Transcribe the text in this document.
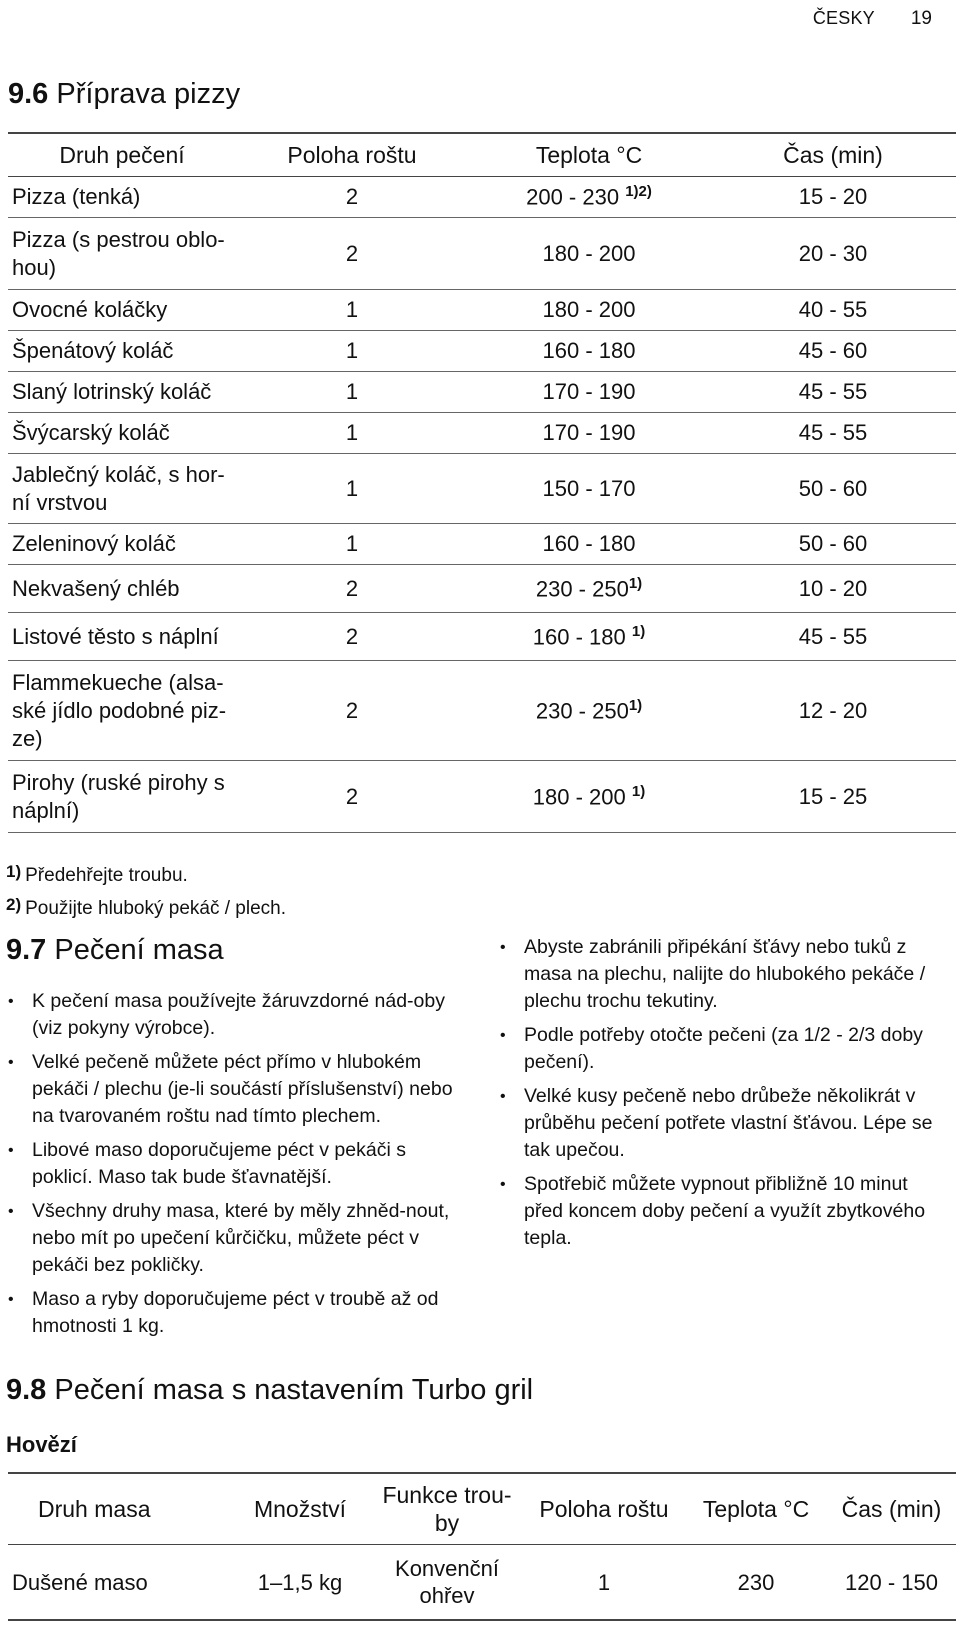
ČESKY 19
9.6 Příprava pizzy
Druh pečení	Poloha roštu	Teplota °C	Čas (min)
Pizza (tenká)	2	200 - 230 $^{1)2)}$	15 - 20
Pizza (s pestrou oblo-hou)	2	180 - 200	20 - 30
Ovocné koláčky	1	180 - 200	40 - 55
Špenátový koláč	1	160 - 180	45 - 60
Slaný lotrinský koláč	1	170 - 190	45 - 55
Švýcarský koláč	1	170 - 190	45 - 55
Jablečný koláč, s hor-ní vrstvou	1	150 - 170	50 - 60
Zeleninový koláč	1	160 - 180	50 - 60
Nekvašený chléb	2	230 - 250$^{1)}$	10 - 20
Listové těsto s náplní	2	160 - 180 $^{1)}$	45 - 55
Flammekueche (alsa-ské jídlo podobné piz-ze)	2	230 - 250$^{1)}$	12 - 20
Pirohy (ruské pirohy s náplní)	2	180 - 200 $^{1)}$	15 - 25
$^{1)}$ Předehřejte troubu.
$^{2)}$ Použijte hluboký pekáč / plech.
9.7 Pečení masa
• K pečení masa používejte žáruvzdorné nád-oby (viz pokyny výrobce).
• Velké pečeně můžete péct přímo v hlubokém pekáči / plechu (je-li součástí příslušenství) nebo na tvarovaném roštu nad tímto plechem.
• Libové maso doporučujeme péct v pekáči s poklicí. Maso tak bude šťavnatější.
• Všechny druhy masa, které by měly zhněd-nout, nebo mít po upečení kůrčičku, můžete péct v pekáči bez pokličky.
• Maso a ryby doporučujeme péct v troubě až od hmotnosti 1 kg.
• Abyste zabránili připékání šťávy nebo tuků z masa na plechu, nalijte do hlubokého pekáče / plechu trochu tekutiny.
• Podle potřeby otočte pečeni (za 1/2 - 2/3 doby pečení).
• Velké kusy pečeně nebo drůbeže několikrát v průběhu pečení potřete vlastní šťávou. Lépe se tak upečou.
• Spotřebič můžete vypnout přibližně 10 minut před koncem doby pečení a využít zbytkového tepla.
9.8 Pečení masa s nastavením Turbo gril
Hovězí
Druh masa	Množství	Funkce trou-by	Poloha roštu	Teplota °C	Čas (min)
Dušené maso	1–1,5 kg	Konvenční ohřev	1	230	120 - 150
